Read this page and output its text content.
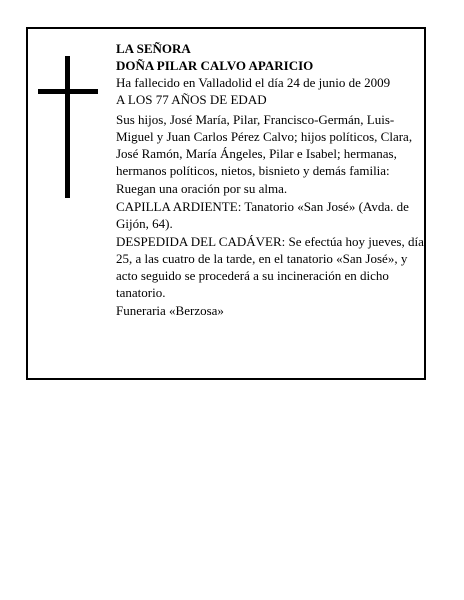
LA SEÑORA
DOÑA PILAR CALVO APARICIO
Ha fallecido en Valladolid el día 24 de junio de 2009
A LOS 77 AÑOS DE EDAD
Sus hijos, José María, Pilar, Francisco-Germán, Luis-Miguel y Juan Carlos Pérez Calvo; hijos políticos, Clara, José Ramón, María Ángeles, Pilar e Isabel; hermanas, hermanos políticos, nietos, bisnieto y demás familia:
Ruegan una oración por su alma.
CAPILLA ARDIENTE: Tanatorio «San José» (Avda. de Gijón, 64).
DESPEDIDA DEL CADÁVER: Se efectúa hoy jueves, día 25, a las cuatro de la tarde, en el tanatorio «San José», y acto seguido se procederá a su incineración en dicho tanatorio.
Funeraria «Berzosa»
